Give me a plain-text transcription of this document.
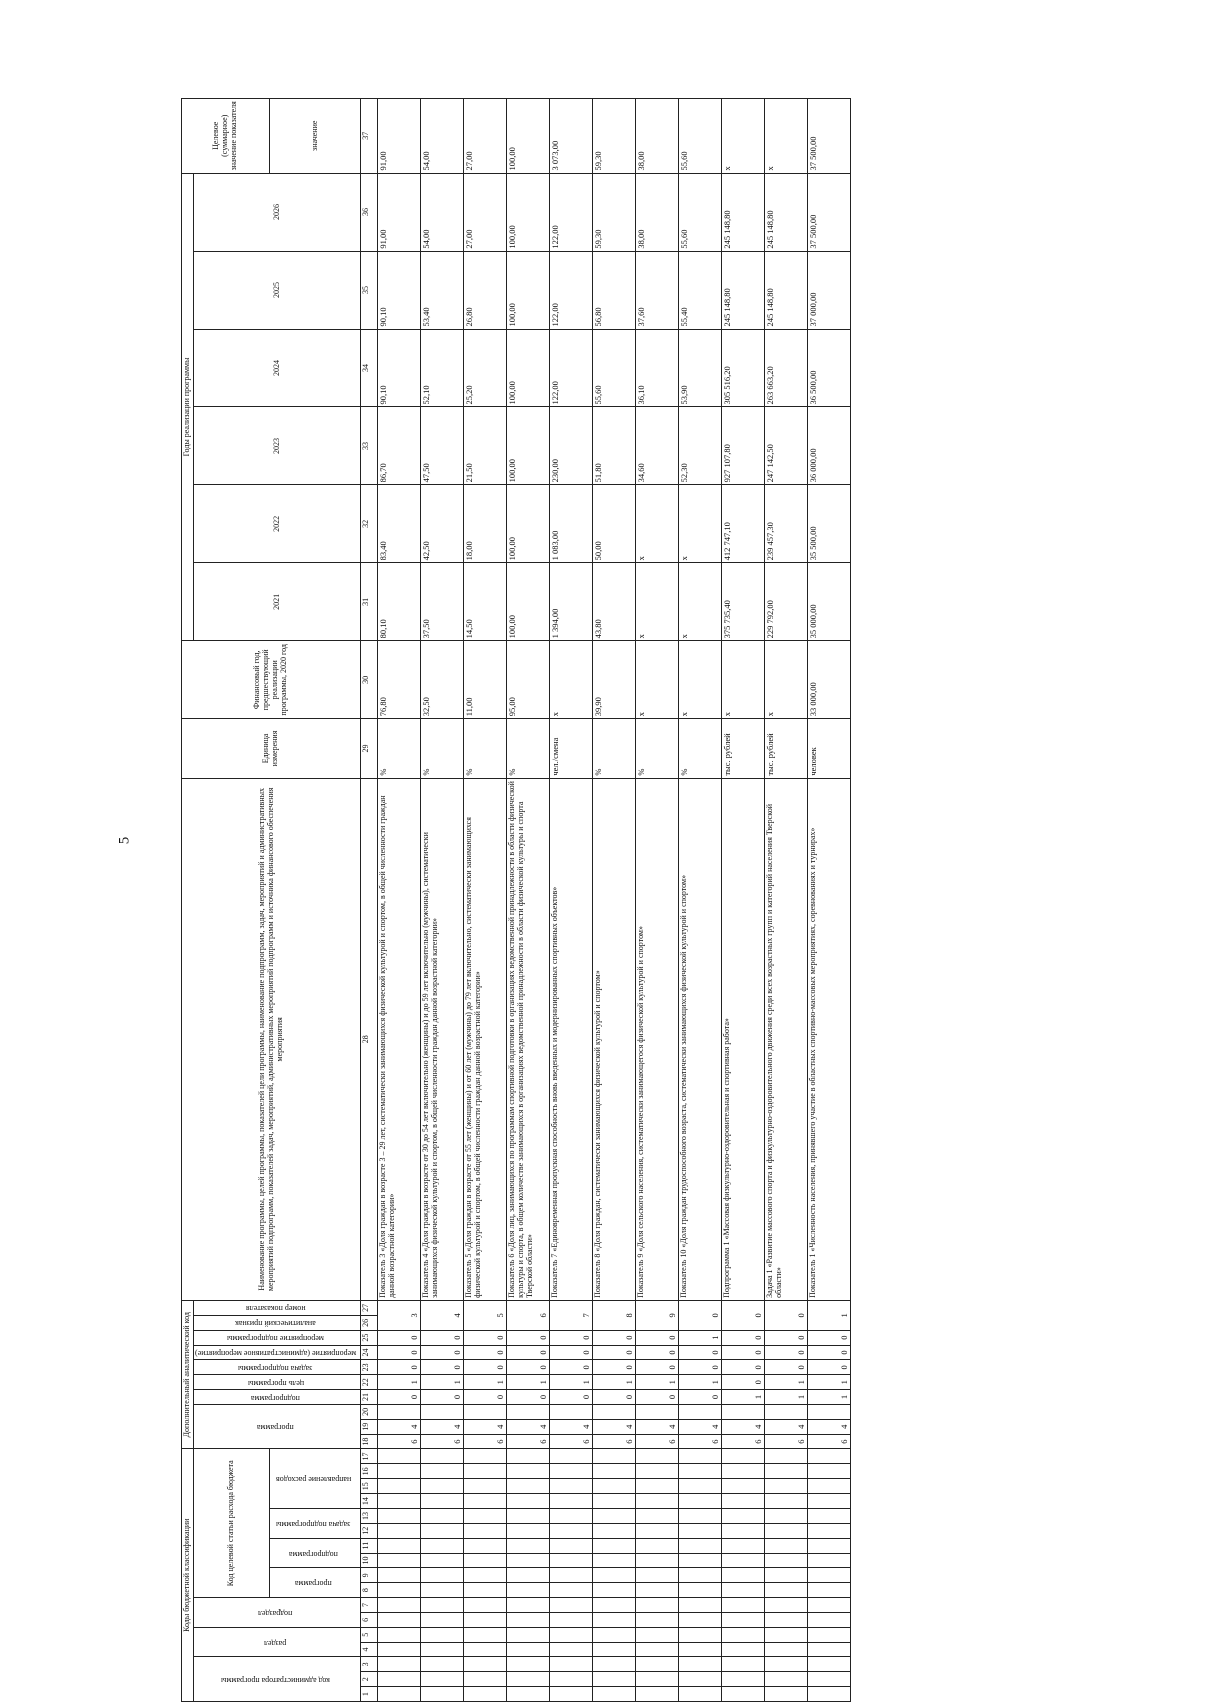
5
Коды бюджетной классификации																	Дополнительный аналитический код										Наименование программы, целей программы, показателей цели программы, наименование подпрограмм, задач, мероприятий и административных мероприятий подпрограмм, показателей задач, мероприятий, административных мероприятий подпрограмм и источника финансового обеспечения мероприятия	Единица измерения	Финансовый год, предшествующий реализации программы, 2020 год	Годы реализации программы						Целевое (суммарное) значение показателя
код администратора программы			раздел		подраздел		Код целевой статьи расхода бюджета										программа			подпрограмма	цель программы	задача подпрограммы	мероприятие (административное мероприятие)	мероприятие подпрограммы	аналитический признак	номер показателя				2021	2022	2023	2024	2025	2026	
							программа		подпрограмма		задача подпрограммы		направление расходов																							значение
1	2	3	4	5	6	7	8	9	10	11	12	13	14	15	16	17	18	19	20	21	22	23	24	25	26	27	28	29	30	31	32	33	34	35	36	37
																	6	4		0	1	0	0	0	3		Показатель 3 «Доля граждан в возрасте 3 – 29 лет, систематически занимающихся физической культурой и спортом, в общей численности граждан данной возрастной категории»	%	76,80	80,10	83,40	86,70	90,10	90,10	91,00	91,00
																	6	4		0	1	0	0	0	4		Показатель 4 «Доля граждан в возрасте от 30 до 54 лет включительно (женщины) и до 59 лет включительно (мужчины), систематически занимающихся физической культурой и спортом, в общей численности граждан данной возрастной категории»	%	32,50	37,50	42,50	47,50	52,10	53,40	54,00	54,00
																	6	4		0	1	0	0	0	5		Показатель 5 «Доля граждан в возрасте от 55 лет (женщины) и от 60 лет (мужчины) до 79 лет включительно, систематически занимающихся физической культурой и спортом, в общей численности граждан данной возрастной категории»	%	11,00	14,50	18,00	21,50	25,20	26,80	27,00	27,00
																	6	4		0	1	0	0	0	6		Показатель 6 «Доля лиц, занимающихся по программам спортивной подготовки в организациях ведомственной принадлежности в области физической культуры и спорта, в общем количестве занимающихся в организациях ведомственной принадлежности в области физической культуры и спорта Тверской области»	%	95,00	100,00	100,00	100,00	100,00	100,00	100,00	100,00
																	6	4		0	1	0	0	0	7		Показатель 7 «Единовременная пропускная способность вновь введенных и модернизированных спортивных объектов»	чел./смена	x	1 394,00	1 083,00	230,00	122,00	122,00	122,00	3 073,00
																	6	4		0	1	0	0	0	8		Показатель 8 «Доля граждан, систематически занимающихся физической культурой и спортом»	%	39,90	43,80	50,00	51,80	55,60	56,80	59,30	59,30
																	6	4		0	1	0	0	0	9		Показатель 9 «Доля сельского населения, систематически занимающегося физической культурой и спортом»	%	x	x	x	34,60	36,10	37,60	38,00	38,00
																	6	4		0	1	0	0	1	0		Показатель 10 «Доля граждан трудоспособного возраста, систематически занимающихся физической культурой и спортом»	%	x	x	x	52,30	53,90	55,40	55,60	55,60
																	6	4		1	0	0	0	0	0		Подпрограмма 1 «Массовая физкультурно-оздоровительная и спортивная работа»	тыс. рублей	x	375 735,40	412 747,10	927 107,80	305 516,20	245 148,80	245 148,80	x
																	6	4		1	1	0	0	0	0		Задача 1 «Развитие массового спорта и физкультурно-оздоровительного движения среди всех возрастных групп и категорий населения Тверской области»	тыс. рублей	x	229 792,00	239 457,30	247 142,50	263 663,20	245 148,80	245 148,80	x
																	6	4		1	1	0	0	0	1		Показатель 1 «Численность населения, принявшего участие в областных спортивно-массовых мероприятиях, соревнованиях и турнирах»	человек	33 000,00	35 000,00	35 500,00	36 000,00	36 500,00	37 000,00	37 500,00	37 500,00
